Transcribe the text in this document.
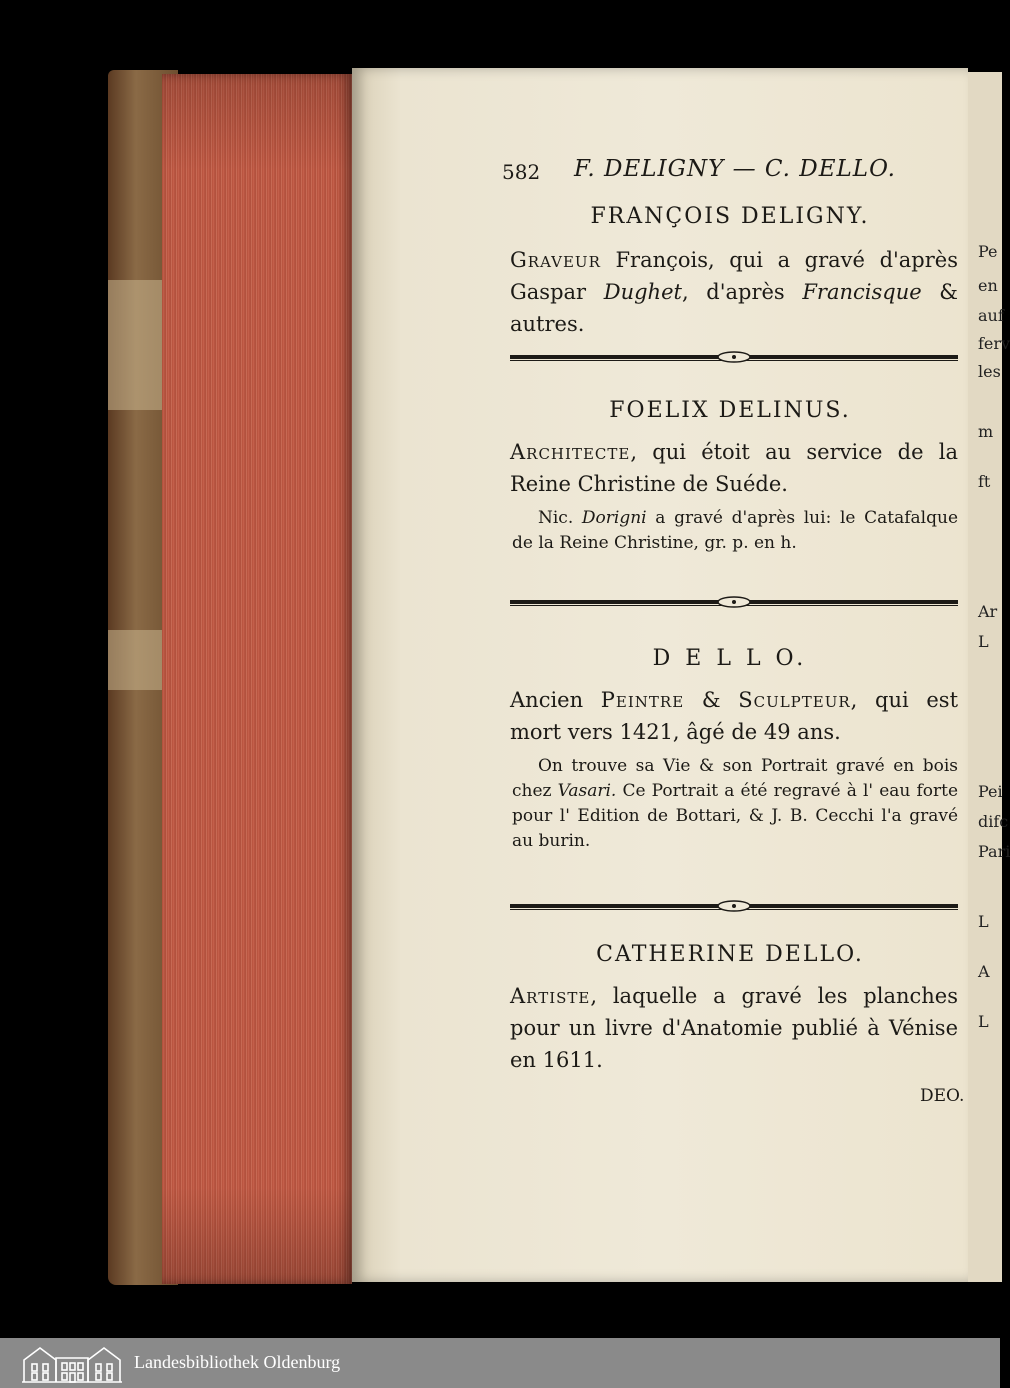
Pe
en
auf
ferv
les
m
ft
Ar
L
Pei
difc
Pari
L
A
L
582 F. DELIGNY — C. DELLO.
FRANÇOIS DELIGNY.
Graveur François, qui a gravé d'après Gaspar Dughet, d'après Francisque & autres.
FOELIX DELINUS.
Architecte, qui étoit au service de la Reine Christine de Suéde.
Nic. Dorigni a gravé d'après lui: le Catafalque de la Reine Christine, gr. p. en h.
D E L L O.
Ancien Peintre & Sculpteur, qui est mort vers 1421, âgé de 49 ans.
On trouve sa Vie & son Portrait gravé en bois chez Vasari. Ce Portrait a été regravé à l' eau forte pour l' Edition de Bottari, & J. B. Cecchi l'a gravé au burin.
CATHERINE DELLO.
Artiste, laquelle a gravé les planches pour un livre d'Anatomie publié à Vénise en 1611.
DEO.
Landesbibliothek Oldenburg
